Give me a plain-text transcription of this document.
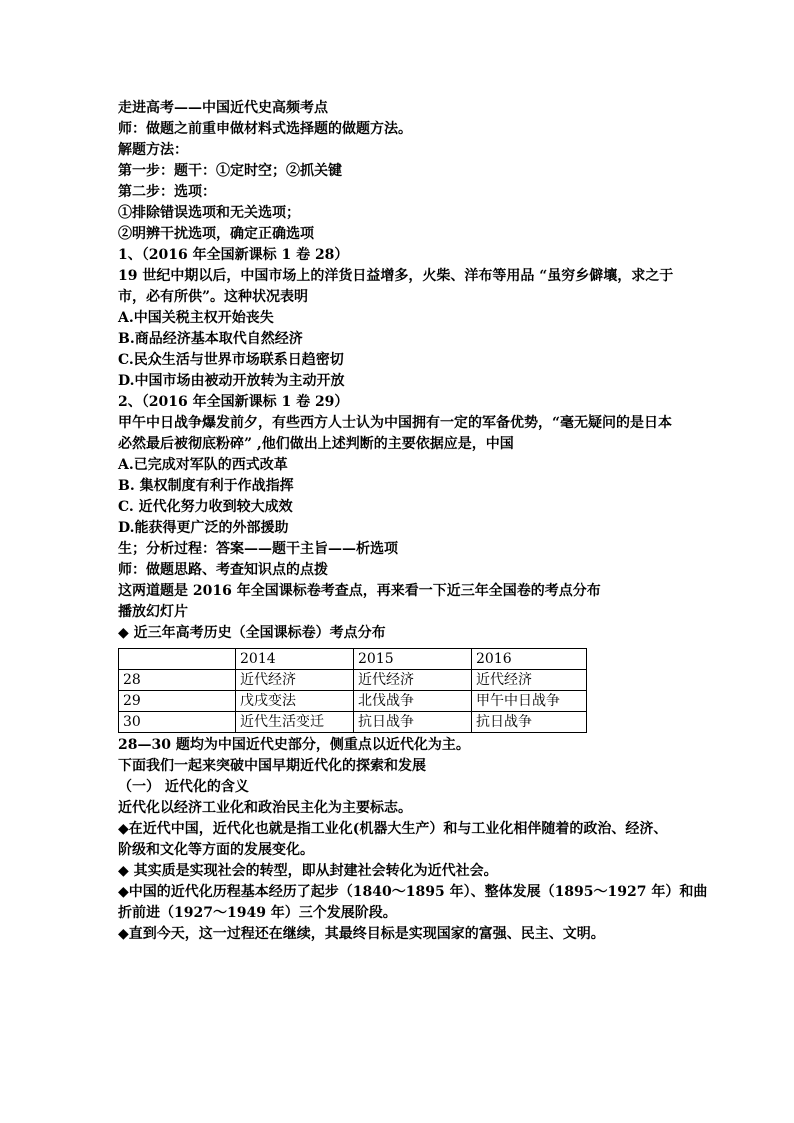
走进高考——中国近代史高频考点
师：做题之前重申做材料式选择题的做题方法。
解题方法：
第一步：题干：①定时空；②抓关键
第二步：选项：
①排除错误选项和无关选项；
②明辨干扰选项，确定正确选项
1、（2016 年全国新课标 1 卷 28）
19 世纪中期以后，中国市场上的洋货日益增多，火柴、洋布等用品 “虽穷乡僻壤，求之于
市，必有所供”。这种状况表明
A.中国关税主权开始丧失
B.商品经济基本取代自然经济
C.民众生活与世界市场联系日趋密切
D.中国市场由被动开放转为主动开放
2、（2016 年全国新课标 1 卷 29）
甲午中日战争爆发前夕，有些西方人士认为中国拥有一定的军备优势，“毫无疑问的是日本
必然最后被彻底粉碎” ,他们做出上述判断的主要依据应是，中国
A.已完成对军队的西式改革
B. 集权制度有利于作战指挥
C. 近代化努力收到较大成效
D.能获得更广泛的外部援助
生；分析过程：答案——题干主旨——析选项
师：做题思路、考查知识点的点拨
这两道题是 2016 年全国课标卷考查点，再来看一下近三年全国卷的考点分布
播放幻灯片
◆ 近三年高考历史（全国课标卷）考点分布
	2014	2015	2016
28	近代经济	近代经济	近代经济
29	戊戌变法	北伐战争	甲午中日战争
30	近代生活变迁	抗日战争	抗日战争
28—30 题均为中国近代史部分，侧重点以近代化为主。
下面我们一起来突破中国早期近代化的探索和发展
（一） 近代化的含义
近代化以经济工业化和政治民主化为主要标志。
◆在近代中国，近代化也就是指工业化(机器大生产）和与工业化相伴随着的政治、经济、
阶级和文化等方面的发展变化。
◆ 其实质是实现社会的转型，即从封建社会转化为近代社会。
◆中国的近代化历程基本经历了起步（1840～1895 年）、整体发展（1895～1927 年）和曲
折前进（1927～1949 年）三个发展阶段。
◆直到今天，这一过程还在继续，其最终目标是实现国家的富强、民主、文明。
